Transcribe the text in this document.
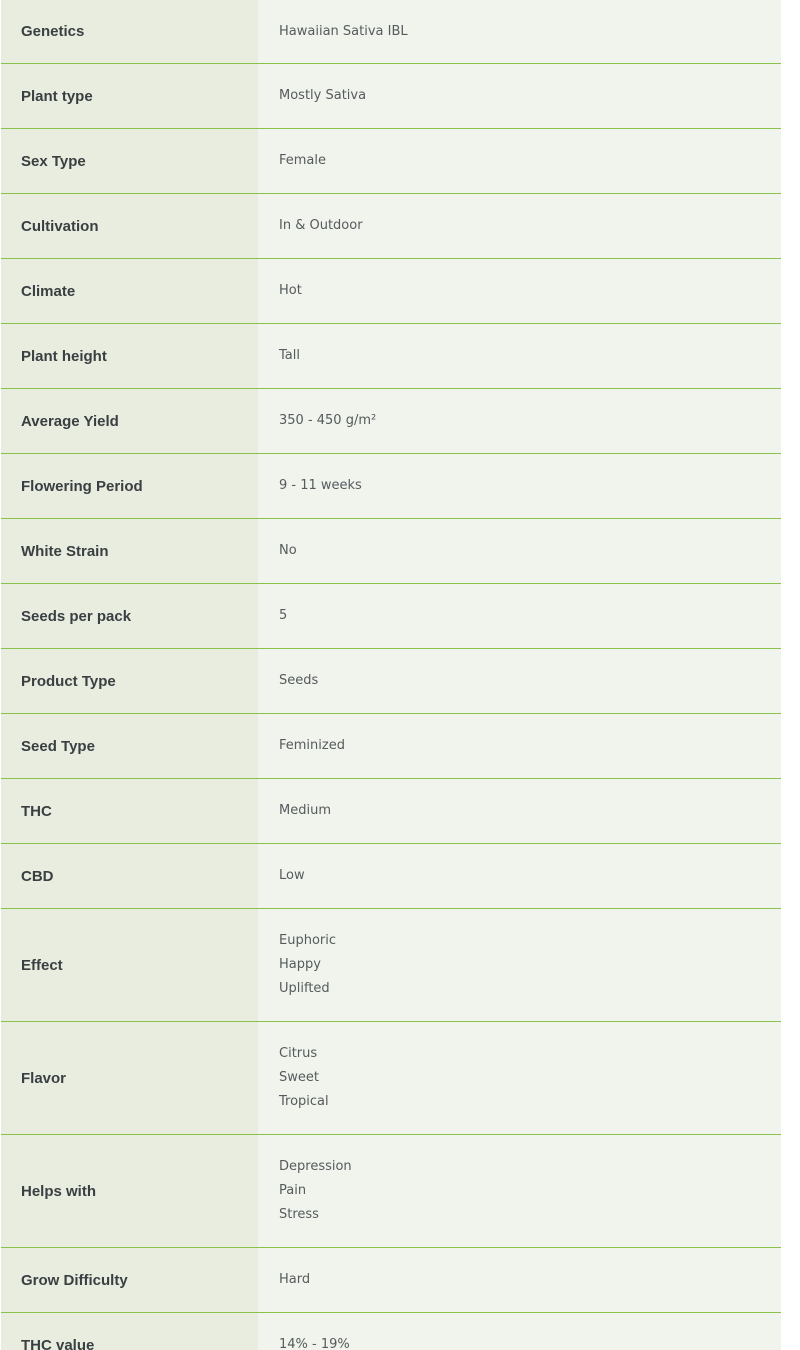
Genetics	Hawaiian Sativa IBL

Plant type	Mostly Sativa

Sex Type	Female

Cultivation	In & Outdoor

Climate	Hot

Plant height	Tall

Average Yield	350 - 450 g/m²

Flowering Period	9 - 11 weeks

White Strain	No

Seeds per pack	5

Product Type	Seeds

Seed Type	Feminized

THC	Medium

CBD	Low

Effect	Euphoric
Happy
Uplifted

Flavor	Citrus
Sweet
Tropical

Helps with	Depression
Pain
Stress

Grow Difficulty	Hard

THC value	14% - 19%
